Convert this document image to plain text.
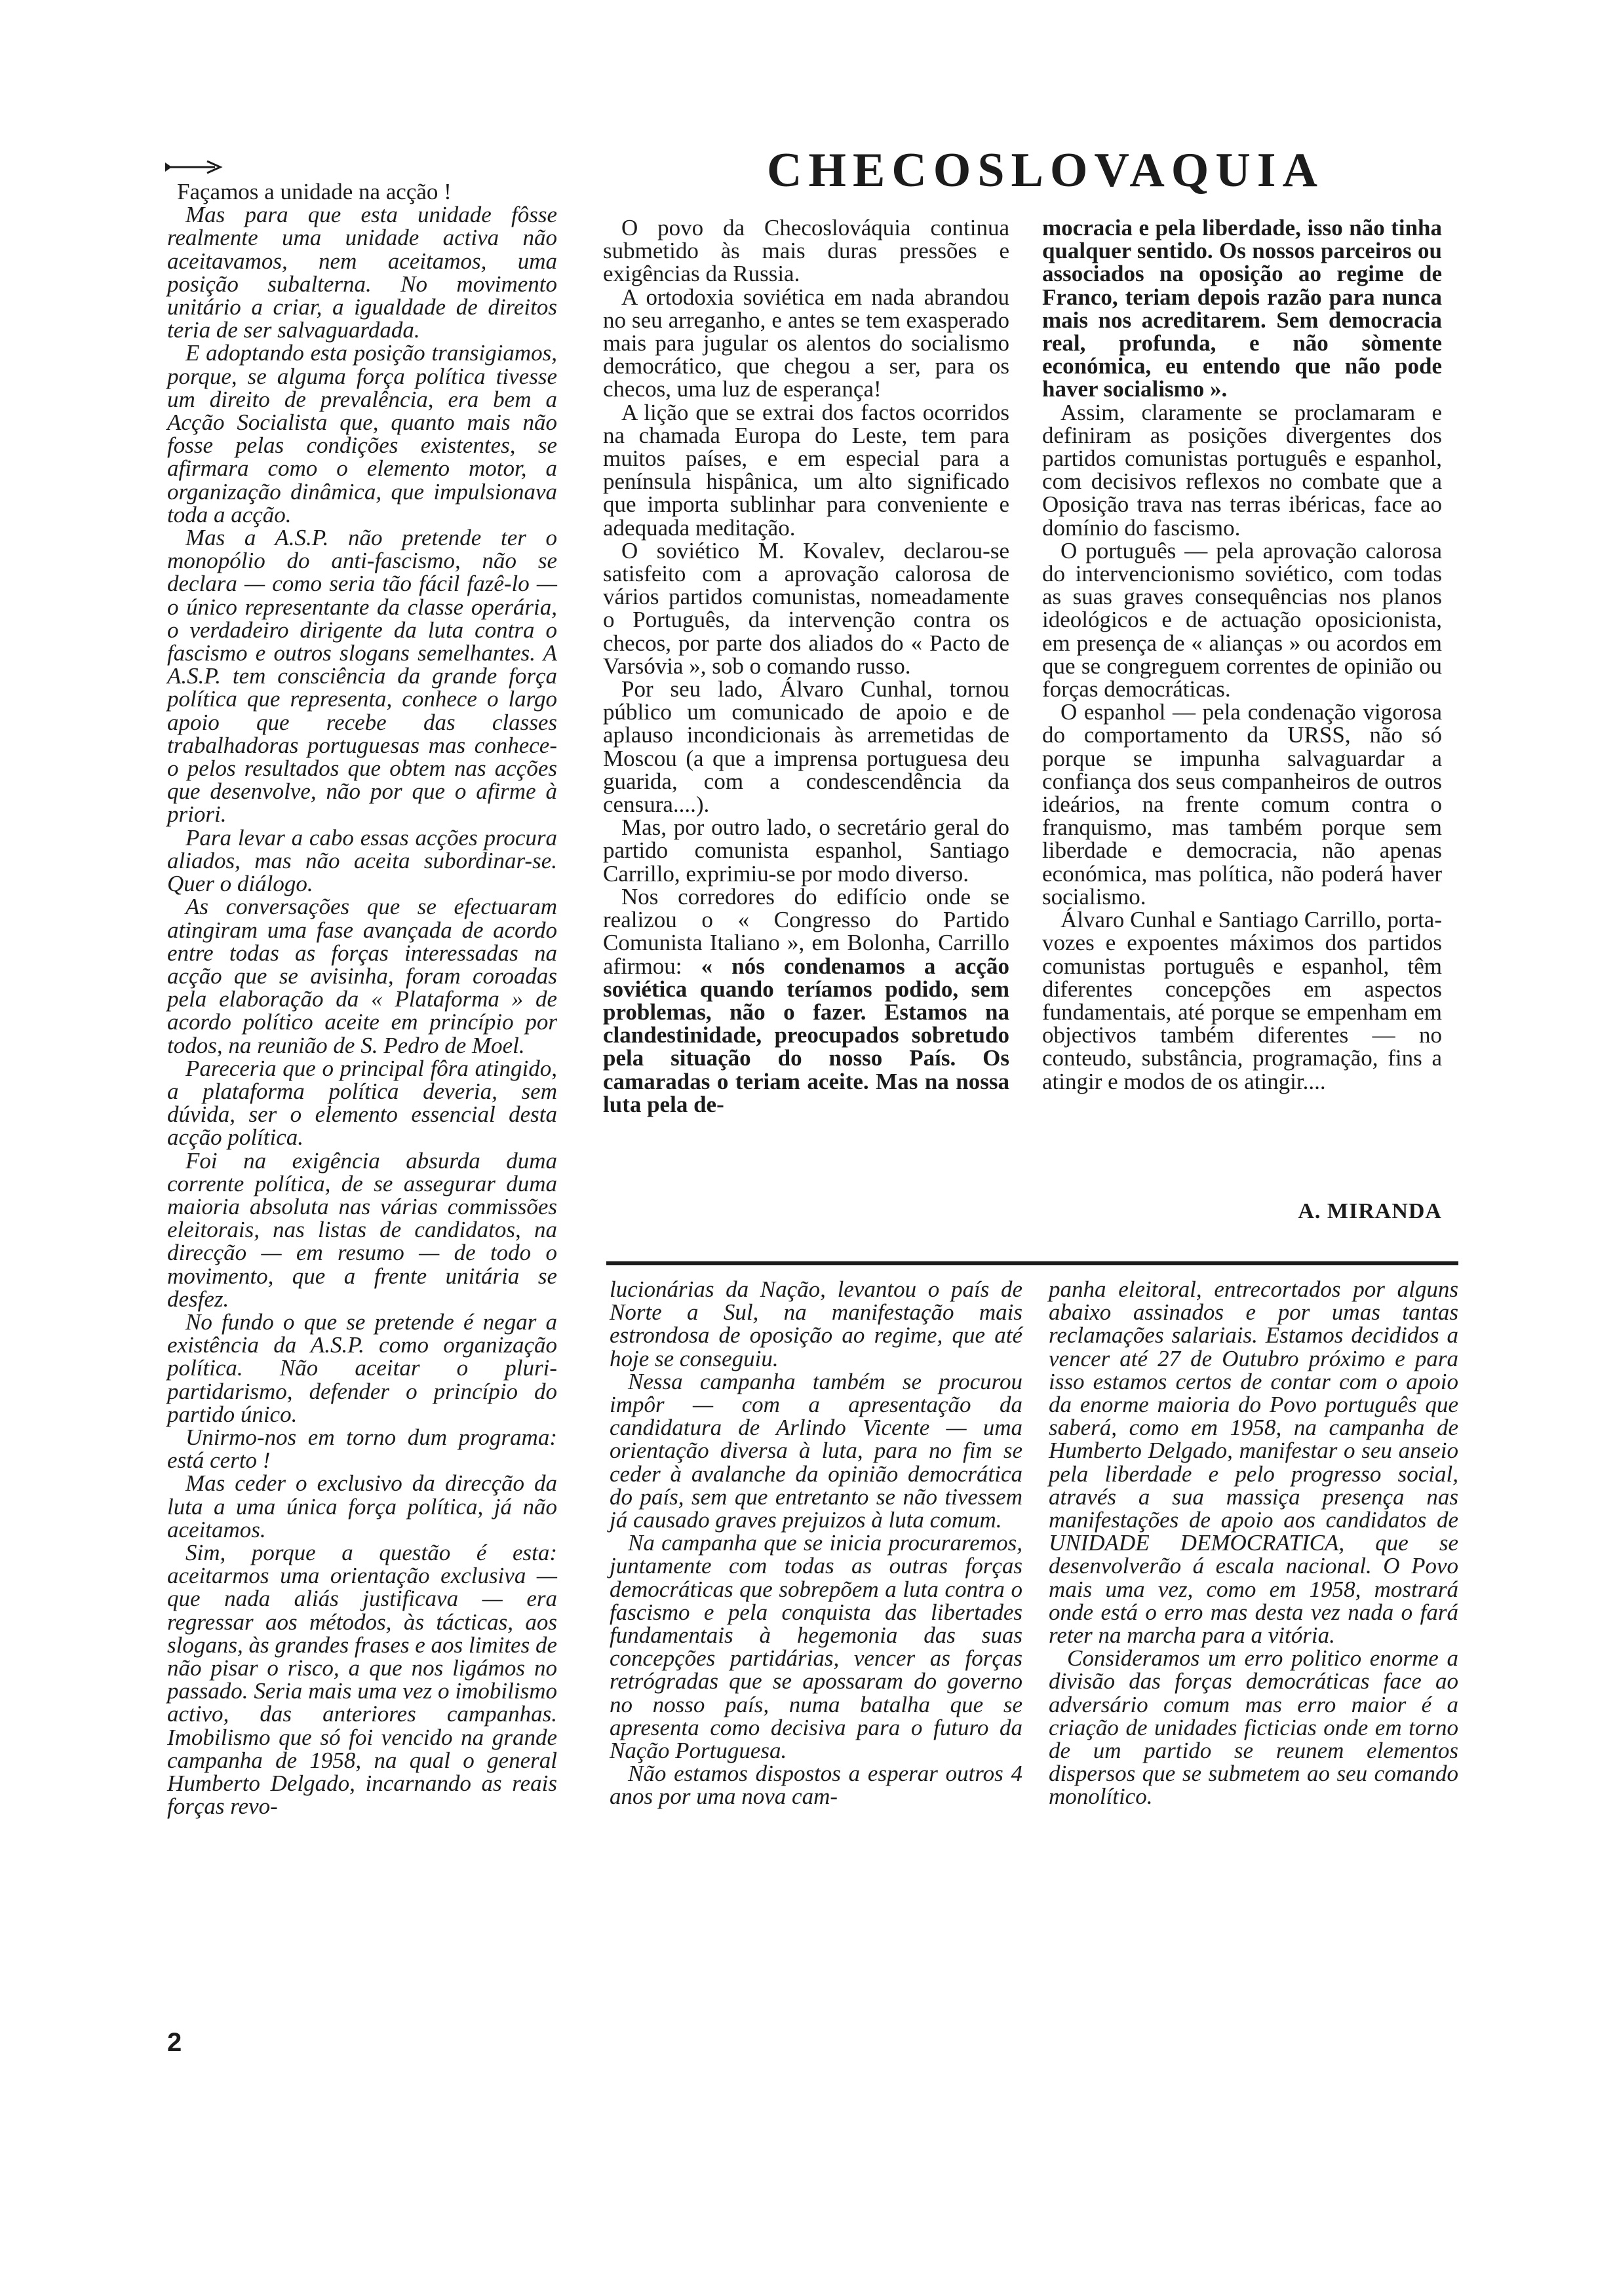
CHECOSLOVAQUIA

Façamos a unidade na acção !

Mas para que esta unidade fôsse realmente uma unidade activa não aceitavamos, nem aceitamos, uma posição subalterna. No movimento unitário a criar, a igualdade de direitos teria de ser salvaguardada.

E adoptando esta posição transigiamos, porque, se alguma força política tivesse um direito de prevalência, era bem a Acção Socialista que, quanto mais não fosse pelas condições existentes, se afirmara como o elemento motor, a organização dinâmica, que impulsionava toda a acção.

Mas a A.S.P. não pretende ter o monopólio do anti-fascismo, não se declara — como seria tão fácil fazê-lo — o único representante da classe operária, o verdadeiro dirigente da luta contra o fascismo e outros slogans semelhantes. A A.S.P. tem consciência da grande força política que representa, conhece o largo apoio que recebe das classes trabalhadoras portuguesas mas conhece-o pelos resultados que obtem nas acções que desenvolve, não por que o afirme à priori.

Para levar a cabo essas acções procura aliados, mas não aceita subordinar-se. Quer o diálogo.

As conversações que se efectuaram atingiram uma fase avançada de acordo entre todas as forças interessadas na acção que se avisinha, foram coroadas pela elaboração da « Plataforma » de acordo político aceite em princípio por todos, na reunião de S. Pedro de Moel.

Pareceria que o principal fôra atingido, a plataforma política deveria, sem dúvida, ser o elemento essencial desta acção política.

Foi na exigência absurda duma corrente política, de se assegurar duma maioria absoluta nas várias commissões eleitorais, nas listas de candidatos, na direcção — em resumo — de todo o movimento, que a frente unitária se desfez.

No fundo o que se pretende é negar a existência da A.S.P. como organização política. Não aceitar o pluri-partidarismo, defender o princípio do partido único.

Unirmo-nos em torno dum programa: está certo !

Mas ceder o exclusivo da direcção da luta a uma única força política, já não aceitamos.

Sim, porque a questão é esta: aceitarmos uma orientação exclusiva — que nada aliás justificava — era regressar aos métodos, às tácticas, aos slogans, às grandes frases e aos limites de não pisar o risco, a que nos ligámos no passado. Seria mais uma vez o imobilismo activo, das anteriores campanhas. Imobilismo que só foi vencido na grande campanha de 1958, na qual o general Humberto Delgado, incarnando as reais forças revo-

O povo da Checoslováquia continua submetido às mais duras pressões e exigências da Russia.

A ortodoxia soviética em nada abrandou no seu arreganho, e antes se tem exasperado mais para jugular os alentos do socialismo democrático, que chegou a ser, para os checos, uma luz de esperança!

A lição que se extrai dos factos ocorridos na chamada Europa do Leste, tem para muitos países, e em especial para a península hispânica, um alto significado que importa sublinhar para conveniente e adequada meditação.

O soviético M. Kovalev, declarou-se satisfeito com a aprovação calorosa de vários partidos comunistas, nomeadamente o Português, da intervenção contra os checos, por parte dos aliados do « Pacto de Varsóvia », sob o comando russo.

Por seu lado, Álvaro Cunhal, tornou público um comunicado de apoio e de aplauso incondicionais às arremetidas de Moscou (a que a imprensa portuguesa deu guarida, com a condescendência da censura....).

Mas, por outro lado, o secretário geral do partido comunista espanhol, Santiago Carrillo, exprimiu-se por modo diverso.

Nos corredores do edifício onde se realizou o « Congresso do Partido Comunista Italiano », em Bolonha, Carrillo afirmou: « nós condenamos a acção soviética quando teríamos podido, sem problemas, não o fazer. Estamos na clandestinidade, preocupados sobretudo pela situação do nosso País. Os camaradas o teriam aceite. Mas na nossa luta pela de-

mocracia e pela liberdade, isso não tinha qualquer sentido. Os nossos parceiros ou associados na oposição ao regime de Franco, teriam depois razão para nunca mais nos acreditarem. Sem democracia real, profunda, e não sòmente económica, eu entendo que não pode haver socialismo ».

Assim, claramente se proclamaram e definiram as posições divergentes dos partidos comunistas português e espanhol, com decisivos reflexos no combate que a Oposição trava nas terras ibéricas, face ao domínio do fascismo.

O português — pela aprovação calorosa do intervencionismo soviético, com todas as suas graves consequências nos planos ideológicos e de actuação oposicionista, em presença de « alianças » ou acordos em que se congreguem correntes de opinião ou forças democráticas.

O espanhol — pela condenação vigorosa do comportamento da URSS, não só porque se impunha salvaguardar a confiança dos seus companheiros de outros ideários, na frente comum contra o franquismo, mas também porque sem liberdade e democracia, não apenas económica, mas política, não poderá haver socialismo.

Álvaro Cunhal e Santiago Carrillo, porta-vozes e expoentes máximos dos partidos comunistas português e espanhol, têm diferentes concepções em aspectos fundamentais, até porque se empenham em objectivos também diferentes — no conteudo, substância, programação, fins a atingir e modos de os atingir....

A. MIRANDA

lucionárias da Nação, levantou o país de Norte a Sul, na manifestação mais estrondosa de oposição ao regime, que até hoje se conseguiu.

Nessa campanha também se procurou impôr — com a apresentação da candidatura de Arlindo Vicente — uma orientação diversa à luta, para no fim se ceder à avalanche da opinião democrática do país, sem que entretanto se não tivessem já causado graves prejuizos à luta comum.

Na campanha que se inicia procuraremos, juntamente com todas as outras forças democráticas que sobrepõem a luta contra o fascismo e pela conquista das libertades fundamentais à hegemonia das suas concepções partidárias, vencer as forças retrógradas que se apossaram do governo no nosso país, numa batalha que se apresenta como decisiva para o futuro da Nação Portuguesa.

Não estamos dispostos a esperar outros 4 anos por uma nova cam-

panha eleitoral, entrecortados por alguns abaixo assinados e por umas tantas reclamações salariais. Estamos decididos a vencer até 27 de Outubro próximo e para isso estamos certos de contar com o apoio da enorme maioria do Povo português que saberá, como em 1958, na campanha de Humberto Delgado, manifestar o seu anseio pela liberdade e pelo progresso social, através a sua massiça presença nas manifestações de apoio aos candidatos de UNIDADE DEMOCRATICA, que se desenvolverão á escala nacional. O Povo mais uma vez, como em 1958, mostrará onde está o erro mas desta vez nada o fará reter na marcha para a vitória.

Consideramos um erro politico enorme a divisão das forças democráticas face ao adversário comum mas erro maior é a criação de unidades ficticias onde em torno de um partido se reunem elementos dispersos que se submetem ao seu comando monolítico.

2
